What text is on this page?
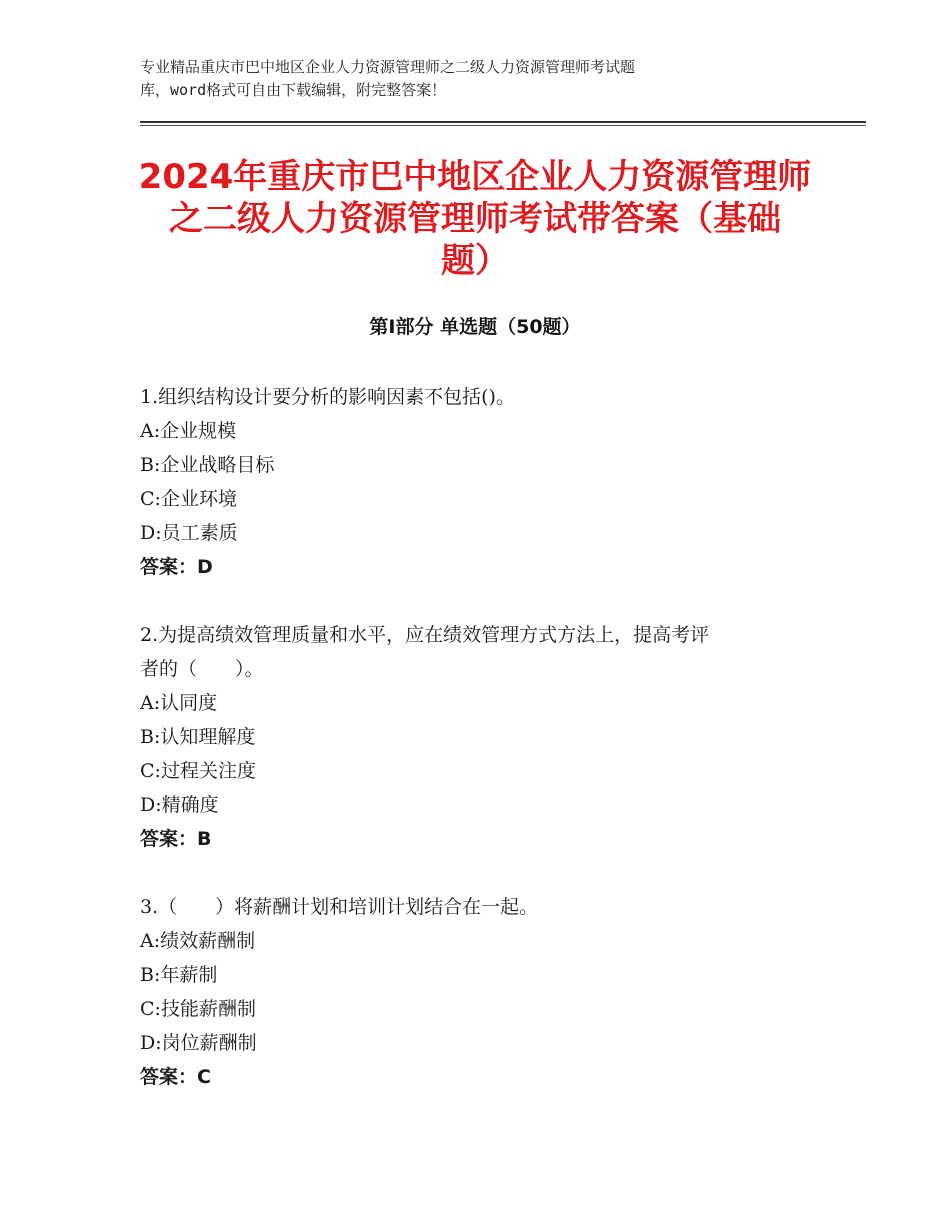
专业精品重庆市巴中地区企业人力资源管理师之二级人力资源管理师考试题
库，word格式可自由下载编辑，附完整答案！
2024年重庆市巴中地区企业人力资源管理师
之二级人力资源管理师考试带答案（基础
题）
第Ⅰ部分 单选题（50题）
1.组织结构设计要分析的影响因素不包括()。
A:企业规模
B:企业战略目标
C:企业环境
D:员工素质
答案：D
2.为提高绩效管理质量和水平，应在绩效管理方式方法上，提高考评
者的（　　）。
A:认同度
B:认知理解度
C:过程关注度
D:精确度
答案：B
3.（　　）将薪酬计划和培训计划结合在一起。
A:绩效薪酬制
B:年薪制
C:技能薪酬制
D:岗位薪酬制
答案：C
